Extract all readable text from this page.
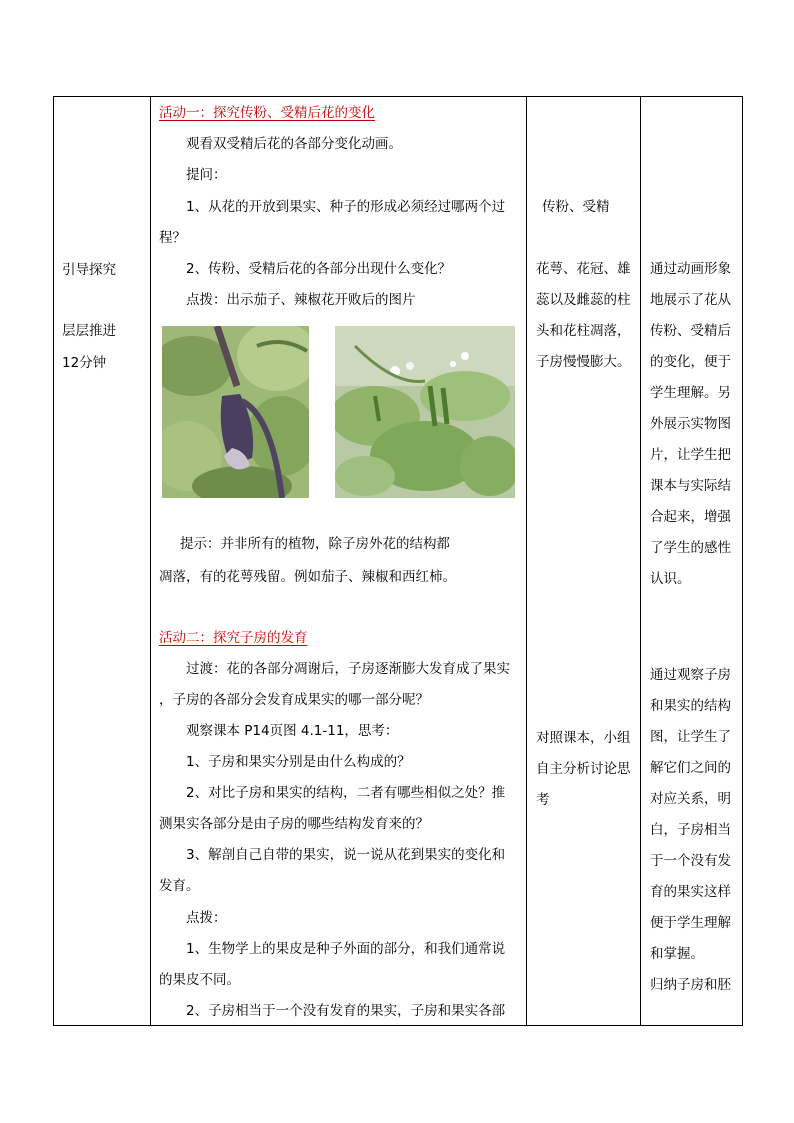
引导探究
层层推进
12分钟
活动一：探究传粉、受精后花的变化
观看双受精后花的各部分变化动画。
提问：
1、从花的开放到果实、种子的形成必须经过哪两个过
程？
2、传粉、受精后花的各部分出现什么变化？
点拨：出示茄子、辣椒花开败后的图片
提示：并非所有的植物，除子房外花的结构都
凋落，有的花萼残留。例如茄子、辣椒和西红柿。
活动二：探究子房的发育
过渡：花的各部分凋谢后，子房逐渐膨大发育成了果实
，子房的各部分会发育成果实的哪一部分呢？
观察课本 P14页图 4.1-11，思考：
1、子房和果实分别是由什么构成的？
2、对比子房和果实的结构，二者有哪些相似之处？推
测果实各部分是由子房的哪些结构发育来的？
3、解剖自己自带的果实，说一说从花到果实的变化和
发育。
点拨：
1、生物学上的果皮是种子外面的部分，和我们通常说
的果皮不同。
2、子房相当于一个没有发育的果实，子房和果实各部
传粉、受精
花萼、花冠、雄
蕊以及雌蕊的柱
头和花柱凋落，
子房慢慢膨大。
对照课本，小组
自主分析讨论思
考
通过动画形象
地展示了花从
传粉、受精后
的变化，便于
学生理解。另
外展示实物图
片，让学生把
课本与实际结
合起来，增强
了学生的感性
认识。
通过观察子房
和果实的结构
图，让学生了
解它们之间的
对应关系，明
白，子房相当
于一个没有发
育的果实这样
便于学生理解
和掌握。
归纳子房和胚
